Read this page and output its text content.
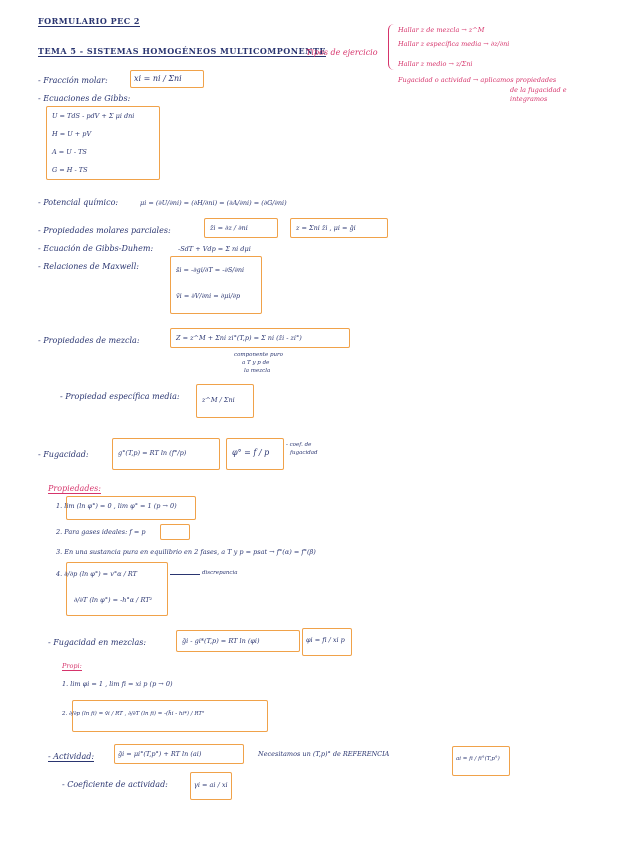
FORMULARIO PEC 2
TEMA 5 - SISTEMAS HOMOGÉNEOS MULTICOMPONENTE
Tipos de ejercicio
Hallar z de mezcla → z^M
Hallar z específica media → ∂z/∂ni
Hallar z medio → z/Σni
Fugacidad o actividad → aplicamos propiedades
de la fugacidad e
integramos
- Fracción molar:	xi = ni / Σni
- Ecuaciones de Gibbs:
U = TdS - pdV + Σ μi dni
H = U + pV
A = U - TS
G = H - TS
- Potencial químico:	μi = (∂U/∂ni) = (∂H/∂ni) = (∂A/∂ni) = (∂G/∂ni)
- Propiedades molares parciales:	z̄i = ∂z / ∂ni	z = Σni z̄i , μi = ḡi
- Ecuación de Gibbs-Duhem:	-SdT + Vdp = Σ ni dμi
- Relaciones de Maxwell:	s̄i = -∂gi/∂T = -∂S/∂ni
v̄i = ∂V/∂ni = ∂μi/∂p
- Propiedades de mezcla:	Z = z^M + Σni zi°(T,p) = Σ ni (z̄i - zi°)
componente puro
a T y p de
la mezcla
- Propiedad específica media:	z^M / Σni
- Fugacidad:	g°(T,p) = RT ln (f°/p)	φ° = f / p
- coef. de
fugacidad
Propiedades:
1. lim (ln φ°) = 0 , lim φ° = 1 (p → 0)
2. Para gases ideales: f = p
3. En una sustancia pura en equilibrio en 2 fases, a T y p = psat → f°(α) = f°(β)
4. ∂/∂p (ln φ°) = v°α / RT	discrepancia
∂/∂T (ln φ°) = -h°α / RT²
- Fugacidad en mezclas:	ḡi - gi*(T,p) = RT ln (φi)	φi = fi / xi p
Propi:
1. lim φi = 1 , lim fi = xi p (p → 0)
2. ∂/∂p (ln fi) = v̄i / RT , ∂/∂T (ln fi) = -(h̄i - hi*) / RT²
- Actividad:	ḡi = μi°(T,p°) + RT ln (ai)	Necesitamos un (T,p)° de REFERENCIA
ai = fi / fi°(T,p°)
- Coeficiente de actividad:	γi = ai / xi
